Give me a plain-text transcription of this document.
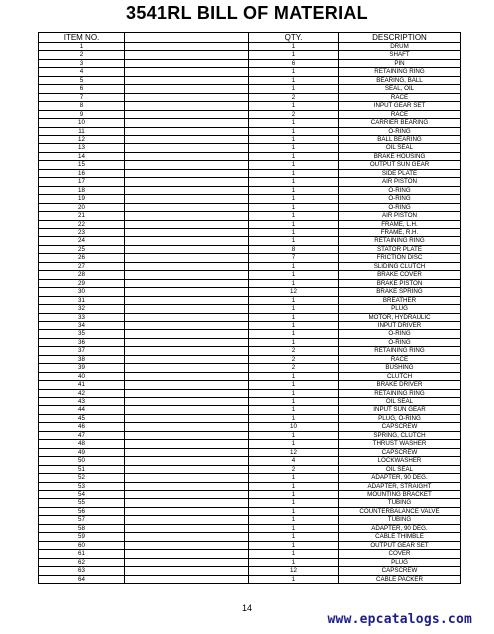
3541RL BILL OF MATERIAL
ITEM NO.		QTY.	DESCRIPTION
1		1	DRUM
2		1	SHAFT
3		6	PIN
4		1	RETAINING RING
5		1	BEARING, BALL
6		1	SEAL, OIL
7		2	RACE
8		1	INPUT GEAR SET
9		2	RACE
10		1	CARRIER BEARING
11		1	O-RING
12		1	BALL BEARING
13		1	OIL SEAL
14		1	BRAKE HOUSING
15		1	OUTPUT SUN GEAR
16		1	SIDE PLATE
17		1	AIR PISTON
18		1	O-RING
19		1	O-RING
20		1	O-RING
21		1	AIR PISTON
22		1	FRAME, L.H.
23		1	FRAME, R.H.
24		1	RETAINING RING
25		8	STATOR PLATE
26		7	FRICTION DISC
27		1	SLIDING CLUTCH
28		1	BRAKE COVER
29		1	BRAKE PISTON
30		12	BRAKE SPRING
31		1	BREATHER
32		1	PLUG
33		1	MOTOR, HYDRAULIC
34		1	INPUT DRIVER
35		1	O-RING
36		1	O-RING
37		2	RETAINING RING
38		2	RACE
39		2	BUSHING
40		1	CLUTCH
41		1	BRAKE DRIVER
42		1	RETAINING RING
43		1	OIL SEAL
44		1	INPUT SUN GEAR
45		1	PLUG, O-RING
46		10	CAPSCREW
47		1	SPRING, CLUTCH
48		1	THRUST WASHER
49		12	CAPSCREW
50		4	LOCKWASHER
51		2	OIL SEAL
52		1	ADAPTER, 90 DEG.
53		1	ADAPTER, STRAIGHT
54		1	MOUNTING BRACKET
55		1	TUBING
56		1	COUNTERBALANCE VALVE
57		1	TUBING
58		1	ADAPTER, 90 DEG.
59		1	CABLE THIMBLE
60		1	OUTPUT GEAR SET
61		1	COVER
62		1	PLUG
63		12	CAPSCREW
64		1	CABLE PACKER
14
www.epcatalogs.com
